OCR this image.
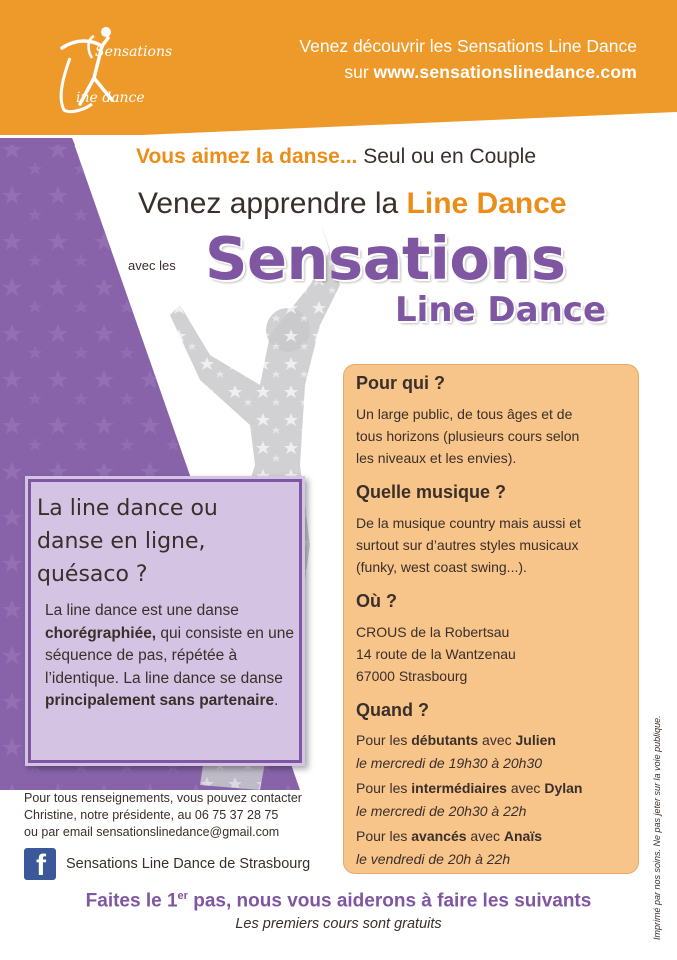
Sensations
ine dance
Venez découvrir les Sensations Line Dance
sur www.sensationslinedance.com
Vous aimez la danse... Seul ou en Couple
Venez apprendre la Line Dance
avec les Sensations
Line Dance
Pour qui ?
Un large public, de tous âges et de
tous horizons (plusieurs cours selon
les niveaux et les envies).
Quelle musique ?
De la musique country mais aussi et
surtout sur d’autres styles musicaux
(funky, west coast swing...).
Où ?
CROUS de la Robertsau
14 route de la Wantzenau
67000 Strasbourg
Quand ?
Pour les débutants avec Julien
le mercredi de 19h30 à 20h30
Pour les intermédiaires avec Dylan
le mercredi de 20h30 à 22h
Pour les avancés avec Anaïs
le vendredi de 20h à 22h
La line dance ou
danse en ligne,
quésaco ?
La line dance est une danse chorégraphiée, qui consiste en une séquence de pas, répétée à l’identique. La line dance se danse principalement sans partenaire.
Pour tous renseignements, vous pouvez contacter
Christine, notre présidente, au 06 75 37 28 75
ou par email sensationslinedance@gmail.com
f Sensations Line Dance de Strasbourg
Faites le 1er pas, nous vous aiderons à faire les suivants
Les premiers cours sont gratuits	Imprimé par nos soins. Ne pas jeter sur la voie publique.
